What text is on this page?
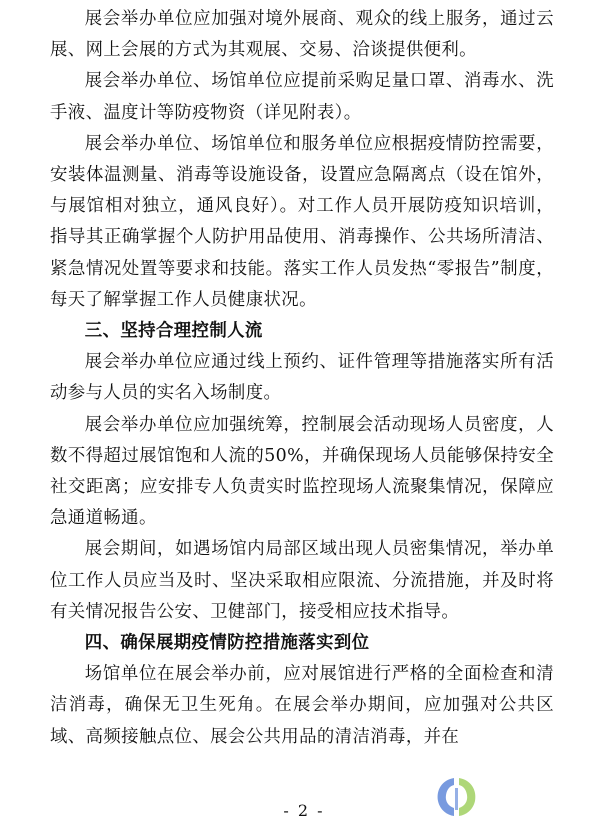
展会举办单位应加强对境外展商、观众的线上服务，通过云展、网上会展的方式为其观展、交易、洽谈提供便利。

展会举办单位、场馆单位应提前采购足量口罩、消毒水、洗手液、温度计等防疫物资（详见附表）。

展会举办单位、场馆单位和服务单位应根据疫情防控需要，安装体温测量、消毒等设施设备，设置应急隔离点（设在馆外，与展馆相对独立，通风良好）。对工作人员开展防疫知识培训，指导其正确掌握个人防护用品使用、消毒操作、公共场所清洁、紧急情况处置等要求和技能。落实工作人员发热“零报告”制度，每天了解掌握工作人员健康状况。

三、坚持合理控制人流

展会举办单位应通过线上预约、证件管理等措施落实所有活动参与人员的实名入场制度。

展会举办单位应加强统筹，控制展会活动现场人员密度，人数不得超过展馆饱和人流的50%，并确保现场人员能够保持安全社交距离；应安排专人负责实时监控现场人流聚集情况，保障应急通道畅通。

展会期间，如遇场馆内局部区域出现人员密集情况，举办单位工作人员应当及时、坚决采取相应限流、分流措施，并及时将有关情况报告公安、卫健部门，接受相应技术指导。

四、确保展期疫情防控措施落实到位

场馆单位在展会举办前，应对展馆进行严格的全面检查和清洁消毒，确保无卫生死角。在展会举办期间，应加强对公共区域、高频接触点位、展会公共用品的清洁消毒，并在

- 2 -
